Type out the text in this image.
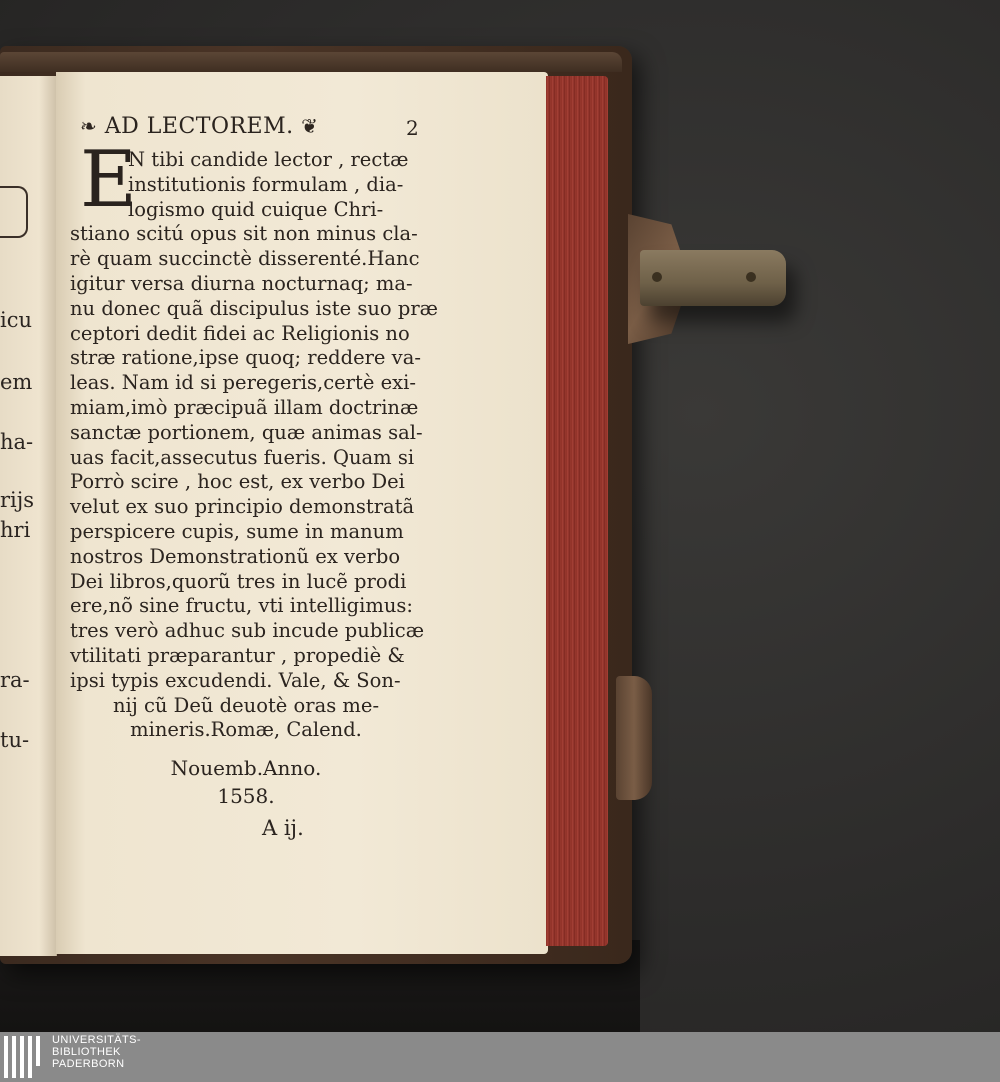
icu
em
ha-
rijs
hri
ra-
tu-
❧ AD LECTOREM. ❦	2
E
N tibi candide lector , rectæ
institutionis formulam , dia-
logismo quid cuique Chri-
stiano scitú opus sit non minus cla-
rè quam succinctè disserenté.Hanc
igitur versa diurna nocturnaq; ma-
nu donec quã discipulus iste suo præ
ceptori dedit fidei ac Religionis no
stræ ratione,ipse quoq; reddere va-
leas. Nam id si peregeris,certè exi-
miam,imò præcipuã illam doctrinæ
sanctæ portionem, quæ animas sal-
uas facit,assecutus fueris. Quam si
Porrò scire , hoc est, ex verbo Dei
velut ex suo principio demonstratã
perspicere cupis, sume in manum
nostros Demonstrationũ ex verbo
Dei libros,quorũ tres in lucẽ prodi
ere,nõ sine fructu, vti intelligimus:
tres verò adhuc sub incude publicæ
vtilitati præparantur , propediè &
ipsi typis excudendi. Vale, & Son-
nij cũ Deũ deuotè oras me-
mineris.Romæ, Calend.
Nouemb.Anno.
1558.
A ij.
UNIVERSITÄTS-
BIBLIOTHEK
PADERBORN
